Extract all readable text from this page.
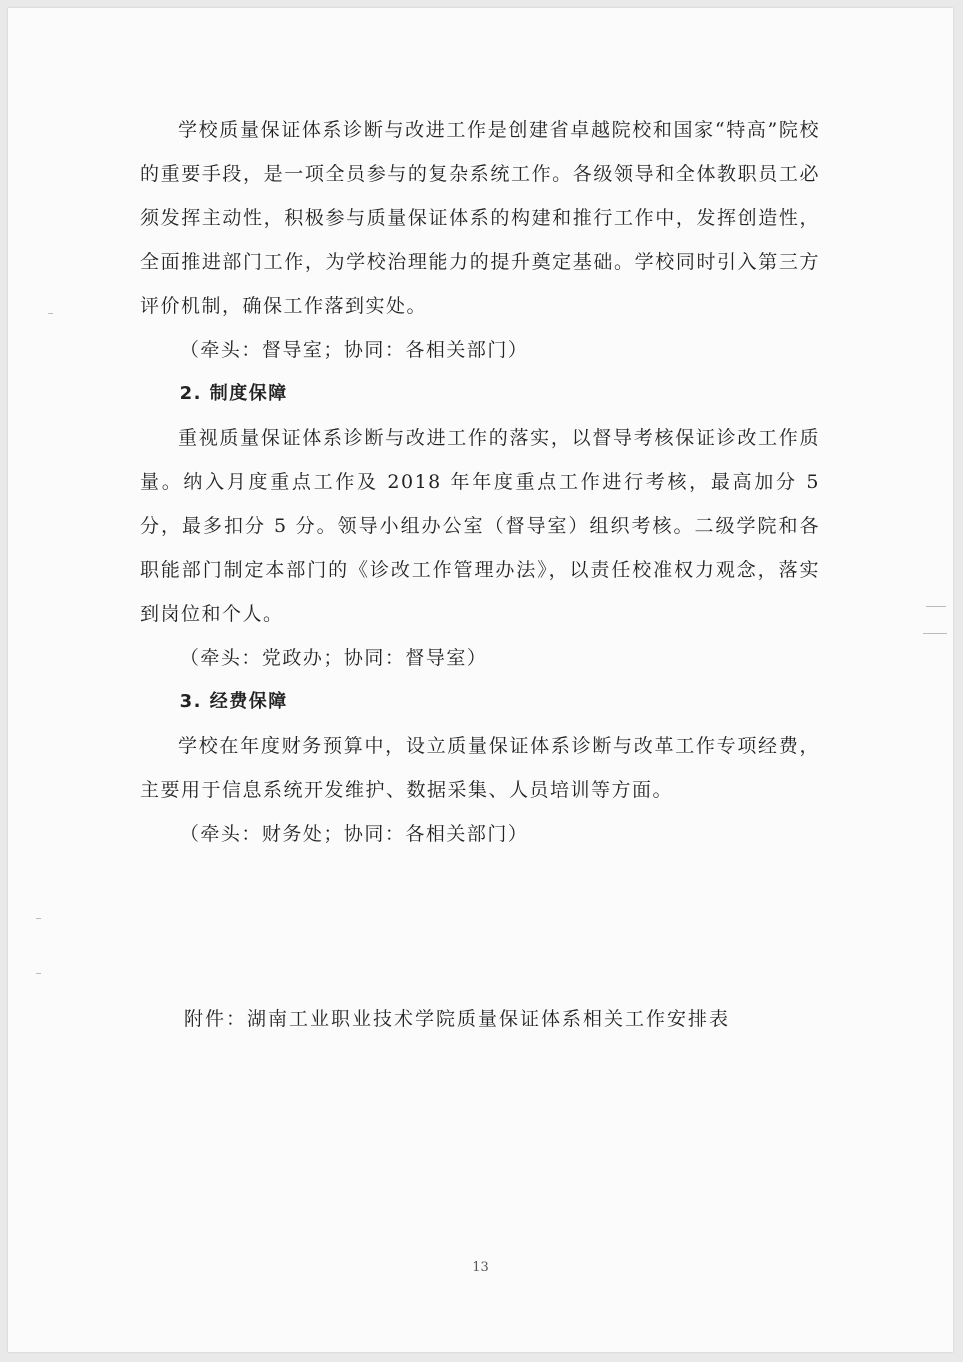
学校质量保证体系诊断与改进工作是创建省卓越院校和国家“特高”院校的重要手段，是一项全员参与的复杂系统工作。各级领导和全体教职员工必须发挥主动性，积极参与质量保证体系的构建和推行工作中，发挥创造性，全面推进部门工作，为学校治理能力的提升奠定基础。学校同时引入第三方评价机制，确保工作落到实处。

（牵头：督导室；协同：各相关部门）

2. 制度保障

重视质量保证体系诊断与改进工作的落实，以督导考核保证诊改工作质量。纳入月度重点工作及 2018 年年度重点工作进行考核，最高加分 5 分，最多扣分 5 分。领导小组办公室（督导室）组织考核。二级学院和各职能部门制定本部门的《诊改工作管理办法》，以责任校准权力观念，落实到岗位和个人。

（牵头：党政办；协同：督导室）

3. 经费保障

学校在年度财务预算中，设立质量保证体系诊断与改革工作专项经费，主要用于信息系统开发维护、数据采集、人员培训等方面。

（牵头：财务处；协同：各相关部门）

附件：湖南工业职业技术学院质量保证体系相关工作安排表
13
